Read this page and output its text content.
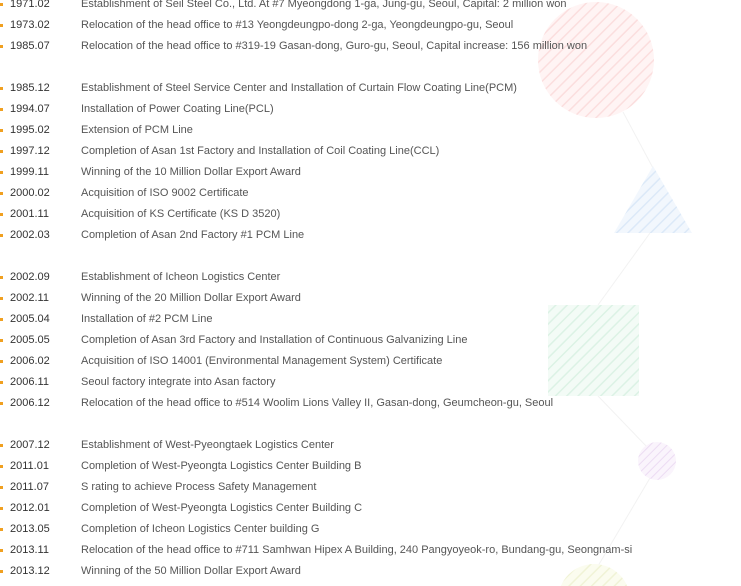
1971.02	Establishment of Seil Steel Co., Ltd. At #7 Myeongdong 1-ga, Jung-gu, Seoul, Capital: 2 million won
1973.02	Relocation of the head office to #13 Yeongdeungpo-dong 2-ga, Yeongdeungpo-gu, Seoul
1985.07	Relocation of the head office to #319-19 Gasan-dong, Guro-gu, Seoul, Capital increase: 156 million won
1985.12	Establishment of Steel Service Center and Installation of Curtain Flow Coating Line(PCM)
1994.07	Installation of Power Coating Line(PCL)
1995.02	Extension of PCM Line
1997.12	Completion of Asan 1st Factory and Installation of Coil Coating Line(CCL)
1999.11	Winning of the 10 Million Dollar Export Award
2000.02	Acquisition of ISO 9002 Certificate
2001.11	Acquisition of KS Certificate (KS D 3520)
2002.03	Completion of Asan 2nd Factory #1 PCM Line
2002.09	Establishment of Icheon Logistics Center
2002.11	Winning of the 20 Million Dollar Export Award
2005.04	Installation of #2 PCM Line
2005.05	Completion of Asan 3rd Factory and Installation of Continuous Galvanizing Line
2006.02	Acquisition of ISO 14001 (Environmental Management System) Certificate
2006.11	Seoul factory integrate into Asan factory
2006.12	Relocation of the head office to #514 Woolim Lions Valley II, Gasan-dong, Geumcheon-gu, Seoul
2007.12	Establishment of West-Pyeongtaek Logistics Center
2011.01	Completion of West-Pyeongta Logistics Center Building B
2011.07	S rating to achieve Process Safety Management
2012.01	Completion of West-Pyeongta Logistics Center Building C
2013.05	Completion of Icheon Logistics Center building G
2013.11	Relocation of the head office to #711 Samhwan Hipex A Building, 240 Pangyoyeok-ro, Bundang-gu, Seongnam-si
2013.12	Winning of the 50 Million Dollar Export Award
